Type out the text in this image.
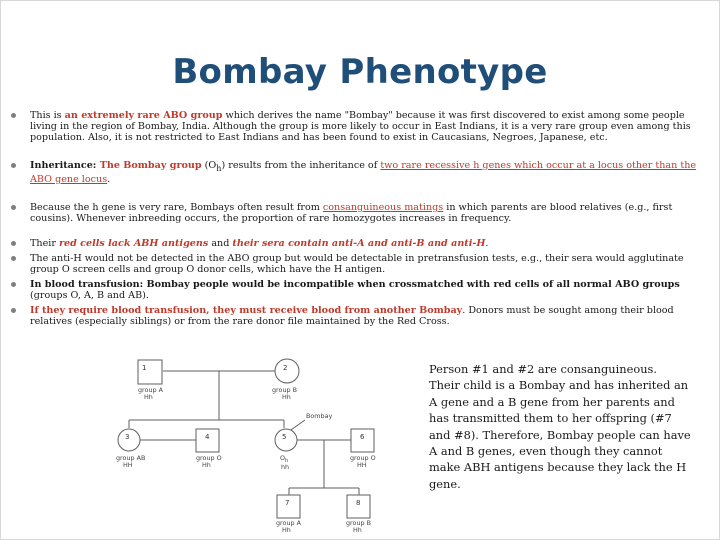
Bombay Phenotype
This is an extremely rare ABO group which derives the name "Bombay" because it was first discovered to exist among some people living in the region of Bombay, India. Although the group is more likely to occur in East Indians, it is a very rare group even among this population. Also, it is not restricted to East Indians and has been found to exist in Caucasians, Negroes, Japanese, etc.
Inheritance: The Bombay group $(O_h)$ results from the inheritance of two rare recessive h genes which occur at a locus other than the ABO gene locus.
Because the h gene is very rare, Bombays often result from consanguineous matings in which parents are blood relatives (e.g., first cousins). Whenever inbreeding occurs, the proportion of rare homozygotes increases in frequency.
Their red cells lack ABH antigens and their sera contain anti-A and anti-B and anti-H.
The anti-H would not be detected in the ABO group but would be detectable in pretransfusion tests, e.g., their sera would agglutinate group O screen cells and group O donor cells, which have the H antigen.
In blood transfusion: Bombay people would be incompatible when crossmatched with red cells of all normal ABO groups (groups O, A, B and AB).
If they require blood transfusion, they must receive blood from another Bombay. Donors must be sought among their blood relatives (especially siblings) or from the rare donor file maintained by the Red Cross.
1
group A
Hh
2
group B
Hh
Bombay
3
group AB
HH
4
group O
Hh
5
$O_h$
hh
6
group O
HH
7
group A
Hh
8
group B
Hh

Person #1 and #2 are consanguineous. Their child is a Bombay and has inherited an A gene and a B gene from her parents and has transmitted them to her offspring (#7 and #8). Therefore, Bombay people can have A and B genes, even though they cannot make ABH antigens because they lack the H gene.
